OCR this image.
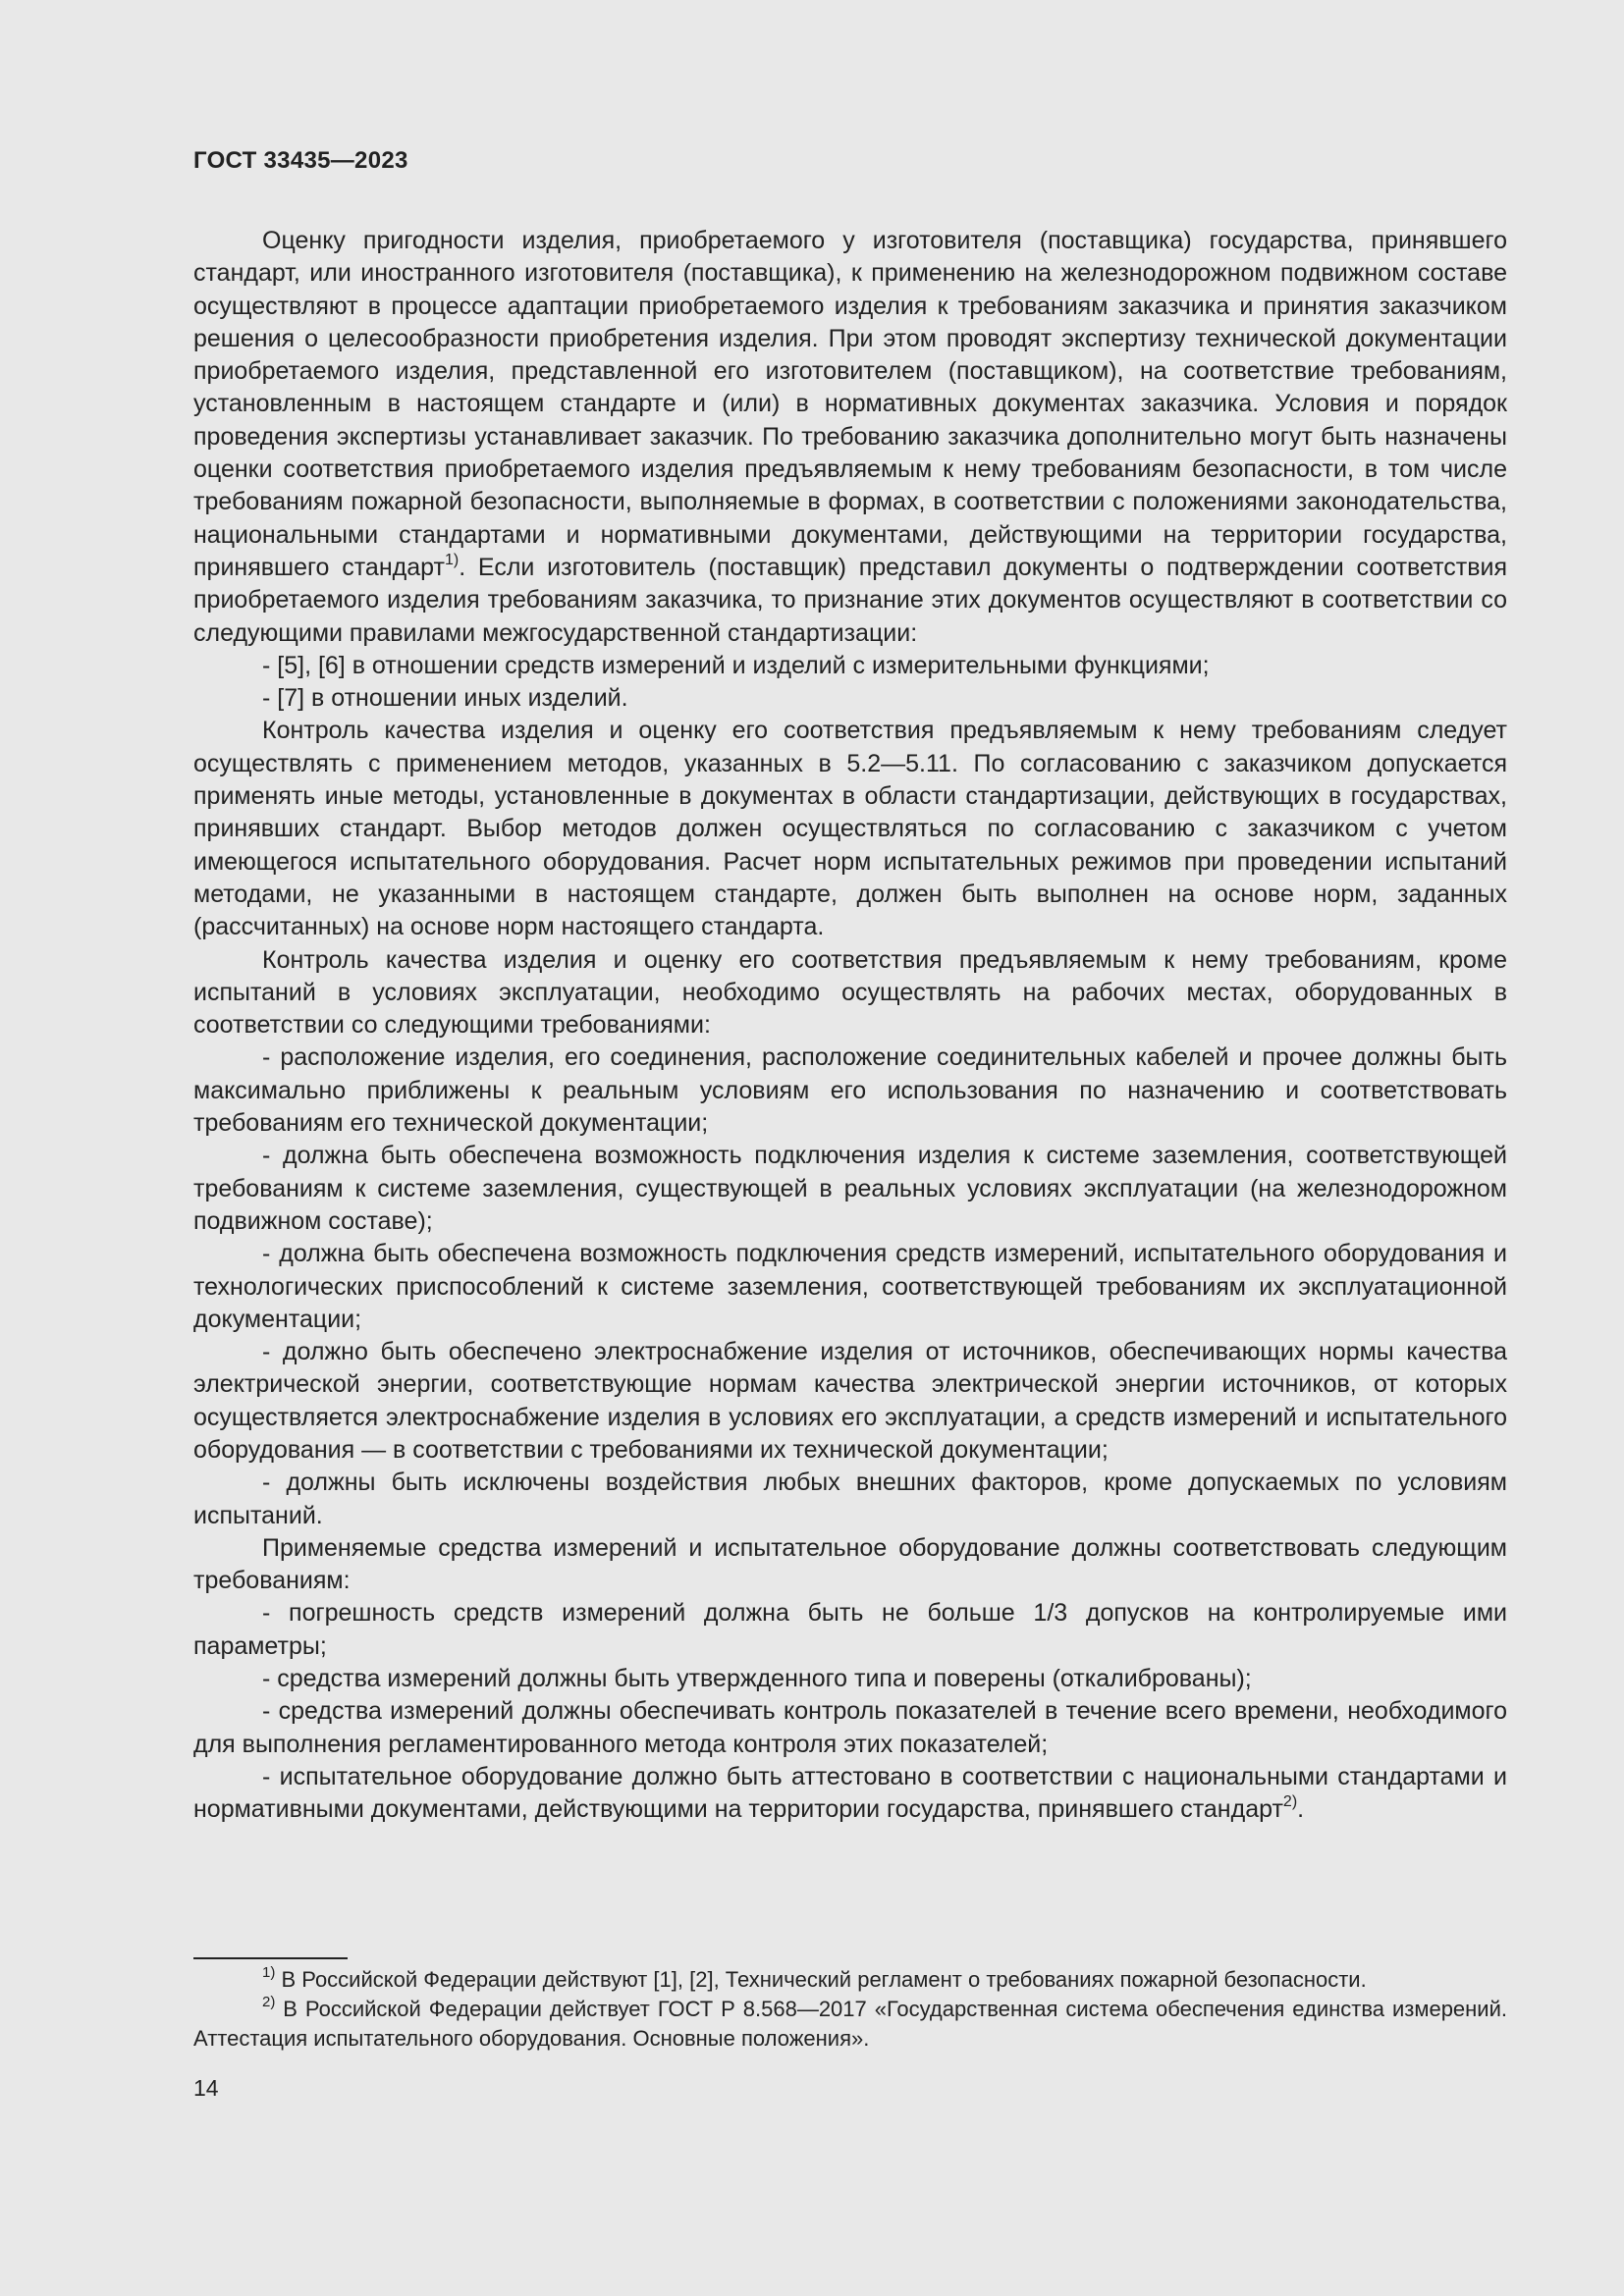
ГОСТ 33435—2023

Оценку пригодности изделия, приобретаемого у изготовителя (поставщика) государства, принявшего стандарт, или иностранного изготовителя (поставщика), к применению на железнодорожном подвижном составе осуществляют в процессе адаптации приобретаемого изделия к требованиям заказчика и принятия заказчиком решения о целесообразности приобретения изделия. При этом проводят экспертизу технической документации приобретаемого изделия, представленной его изготовителем (поставщиком), на соответствие требованиям, установленным в настоящем стандарте и (или) в нормативных документах заказчика. Условия и порядок проведения экспертизы устанавливает заказчик. По требованию заказчика дополнительно могут быть назначены оценки соответствия приобретаемого изделия предъявляемым к нему требованиям безопасности, в том числе требованиям пожарной безопасности, выполняемые в формах, в соответствии с положениями законодательства, национальными стандартами и нормативными документами, действующими на территории государства, принявшего стандарт$^{1)}$. Если изготовитель (поставщик) представил документы о подтверждении соответствия приобретаемого изделия требованиям заказчика, то признание этих документов осуществляют в соответствии со следующими правилами межгосударственной стандартизации:

- [5], [6] в отношении средств измерений и изделий с измерительными функциями;

- [7] в отношении иных изделий.

Контроль качества изделия и оценку его соответствия предъявляемым к нему требованиям следует осуществлять с применением методов, указанных в 5.2—5.11. По согласованию с заказчиком допускается применять иные методы, установленные в документах в области стандартизации, действующих в государствах, принявших стандарт. Выбор методов должен осуществляться по согласованию с заказчиком с учетом имеющегося испытательного оборудования. Расчет норм испытательных режимов при проведении испытаний методами, не указанными в настоящем стандарте, должен быть выполнен на основе норм, заданных (рассчитанных) на основе норм настоящего стандарта.

Контроль качества изделия и оценку его соответствия предъявляемым к нему требованиям, кроме испытаний в условиях эксплуатации, необходимо осуществлять на рабочих местах, оборудованных в соответствии со следующими требованиями:

- расположение изделия, его соединения, расположение соединительных кабелей и прочее должны быть максимально приближены к реальным условиям его использования по назначению и соответствовать требованиям его технической документации;

- должна быть обеспечена возможность подключения изделия к системе заземления, соответствующей требованиям к системе заземления, существующей в реальных условиях эксплуатации (на железнодорожном подвижном составе);

- должна быть обеспечена возможность подключения средств измерений, испытательного оборудования и технологических приспособлений к системе заземления, соответствующей требованиям их эксплуатационной документации;

- должно быть обеспечено электроснабжение изделия от источников, обеспечивающих нормы качества электрической энергии, соответствующие нормам качества электрической энергии источников, от которых осуществляется электроснабжение изделия в условиях его эксплуатации, а средств измерений и испытательного оборудования — в соответствии с требованиями их технической документации;

- должны быть исключены воздействия любых внешних факторов, кроме допускаемых по условиям испытаний.

Применяемые средства измерений и испытательное оборудование должны соответствовать следующим требованиям:

- погрешность средств измерений должна быть не больше 1/3 допусков на контролируемые ими параметры;

- средства измерений должны быть утвержденного типа и поверены (откалиброваны);

- средства измерений должны обеспечивать контроль показателей в течение всего времени, необходимого для выполнения регламентированного метода контроля этих показателей;

- испытательное оборудование должно быть аттестовано в соответствии с национальными стандартами и нормативными документами, действующими на территории государства, принявшего стандарт$^{2)}$.

$^{1)}$ В Российской Федерации действуют [1], [2], Технический регламент о требованиях пожарной безопасности.

$^{2)}$ В Российской Федерации действует ГОСТ Р 8.568—2017 «Государственная система обеспечения единства измерений. Аттестация испытательного оборудования. Основные положения».

14
